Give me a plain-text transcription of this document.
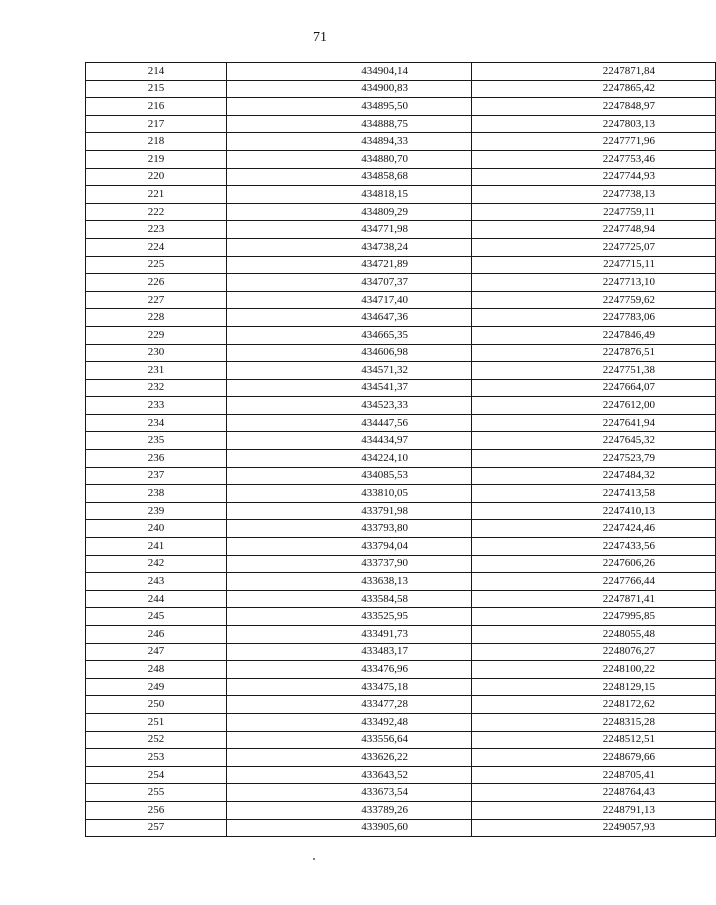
71
214	434904,14	2247871,84
215	434900,83	2247865,42
216	434895,50	2247848,97
217	434888,75	2247803,13
218	434894,33	2247771,96
219	434880,70	2247753,46
220	434858,68	2247744,93
221	434818,15	2247738,13
222	434809,29	2247759,11
223	434771,98	2247748,94
224	434738,24	2247725,07
225	434721,89	2247715,11
226	434707,37	2247713,10
227	434717,40	2247759,62
228	434647,36	2247783,06
229	434665,35	2247846,49
230	434606,98	2247876,51
231	434571,32	2247751,38
232	434541,37	2247664,07
233	434523,33	2247612,00
234	434447,56	2247641,94
235	434434,97	2247645,32
236	434224,10	2247523,79
237	434085,53	2247484,32
238	433810,05	2247413,58
239	433791,98	2247410,13
240	433793,80	2247424,46
241	433794,04	2247433,56
242	433737,90	2247606,26
243	433638,13	2247766,44
244	433584,58	2247871,41
245	433525,95	2247995,85
246	433491,73	2248055,48
247	433483,17	2248076,27
248	433476,96	2248100,22
249	433475,18	2248129,15
250	433477,28	2248172,62
251	433492,48	2248315,28
252	433556,64	2248512,51
253	433626,22	2248679,66
254	433643,52	2248705,41
255	433673,54	2248764,43
256	433789,26	2248791,13
257	433905,60	2249057,93
